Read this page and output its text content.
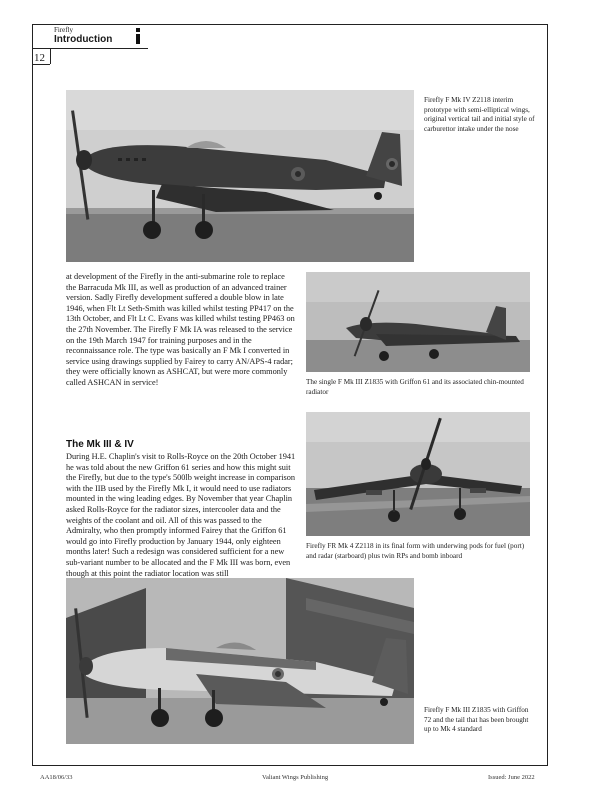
Firefly
Introduction
12
Firefly F Mk IV Z2118 interim prototype with semi-elliptical wings, original vertical tail and initial style of carburettor intake under the nose

at development of the Firefly in the anti-submarine role to replace the Barracuda Mk III, as well as production of an advanced trainer version. Sadly Firefly development suffered a double blow in late 1946, when Flt Lt Seth-Smith was killed whilst testing PP417 on the 13th October, and Flt Lt C. Evans was killed whilst testing PP463 on the 27th November. The Firefly F Mk IA was released to the service on the 19th March 1947 for training purposes and in the reconnaissance role. The type was basically an F Mk I converted in service using drawings supplied by Fairey to carry AN/APS-4 radar; they were officially known as ASHCAT, but were more commonly called ASHCAN in service!

The Mk III & IV

During H.E. Chaplin's visit to Rolls-Royce on the 20th October 1941 he was told about the new Griffon 61 series and how this might suit the Firefly, but due to the type's 500lb weight increase in comparison with the IIB used by the Firefly Mk I, it would need to use radiators mounted in the wing leading edges. By November that year Chaplin asked Rolls-Royce for the radiator sizes, intercooler data and the weights of the coolant and oil. All of this was passed to the Admiralty, who then promptly informed Fairey that the Griffon 61 would go into Firefly production by January 1944, only eighteen months later! Such a redesign was considered sufficient for a new sub-variant number to be allocated and the F Mk III was born, even though at this point the radiator location was still

The single F Mk III Z1835 with Griffon 61 and its associated chin-mounted radiator
Firefly FR Mk 4 Z2118 in its final form with underwing pods for fuel (port) and radar (starboard) plus twin RPs and bomb inboard
Firefly F Mk III Z1835 with Griffon 72 and the tail that has been brought up to Mk 4 standard
AA18/06/33	Valiant Wings Publishing	Issued: June 2022
